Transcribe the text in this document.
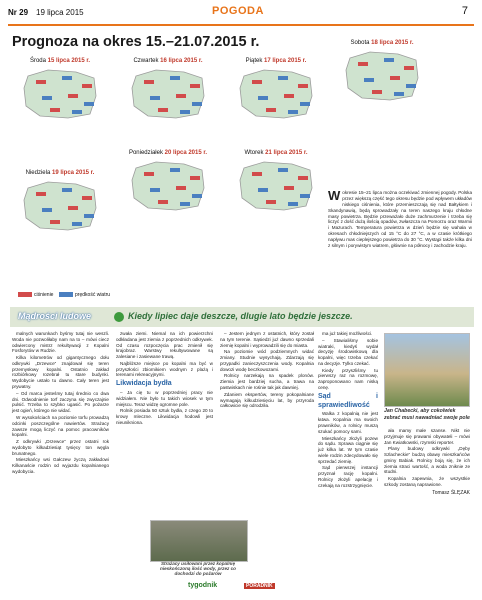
Nr 29 19 lipca 2015	POGODA	7
Prognoza na okres 15.–21.07.2015 r.
Środa 15 lipca 2015 r.	Czwartek 16 lipca 2015 r.	Piątek 17 lipca 2015 r.
Sobota 18 lipca 2015 r.
Niedziela 19 lipca 2015 r.
Poniedziałek 20 lipca 2015 r.	Wtorek 21 lipca 2015 r.
ciśnienie	prędkość wiatru
W okresie 15–21 lipca można oczekiwać zmiennej pogody. Polska przez większą część tego okresu będzie pod wpływem układów niskiego ciśnienia, które przemieszczają się nad Bałtykiem i Skandynawią, będą sprowadzały na teren naszego kraju chłodne masy powietrza. Będzie przeważało duże zachmurzenie i trzeba się liczyć z dość dużą ilością opadów, zwłaszcza na Pomorzu oraz Warmii i Mazurach. Temperatura powietrza w dzień będzie się wahała w okresach chłodniejszych od 15 °C do 27 °C, a w czasie krótkiego napływu mas cieplejszego powietrza do 30 °C. Wystąpi także kilka dni z silnym i porywistym wiatrem, głównie na północy i zachodzie kraju.
Mądrości ludowe	Kiedy lipiec daje deszcze, dlugie lato będzie jeszcze.

malnych warunkach byśmy tutaj nie weszli. Woda nie pozwoliłaby nam na to – mówi ciecz odwiercony mistrz rekultywacji z Kopalni Fosforytów w Rudzie.

Kilka kilometrów od gigantycznego dołu odkrywki „Drzewce” znajdował się teren przemysłowy kopalni. Ostatnio zakład rozbiórkowy rozebrał tu stare budynki. Wydobycie ustało tu dawno. Cały teren jest prywatny.

– Od marca jesteśmy tutaj średnio co dwa dni. Odwodnienie torf zaczyna się zwyczajnie pulsić. Trzeba to szybko ugasić. Po pożarze jest ogień, którego nie widać.

W wysokościach na poziomie torfu prowadzą odcinki poszczególne nawiertów. Strażacy zawsze mogą liczyć na pomoc pracowników kopalni.

Z odkrywki „Drzewce” przez ostatni rok wydobyto kilkadziesiąt tysięcy ton węgla brunatnego.

Mieszkańcy wsi Gałczew życzą zakładowi Kilkanaście rodzin od wyjazdu kopalnianego wydobycia.

zwała ziemi. Niemal na ich powierzchni odkładana jest ziemia z poprzednich odkrywek. Od czasu rozpoczęcia prac zmienił się krajobraz. Warstwy rekultywowane są zalesiane i zasiewane trawą.

Najbliższe miejsce po kopalni ma być w przyszłości zbiornikiem wodnym z plażą i terenami rekreacyjnymi.

Likwidacja bydła

– Ja cię tu w poprzedniej pracy nie widziałem. Nie było tu takich wiosek w tym miejscu. Teraz widzę ogromne pole.

Rolnik posiada 50 sztuk bydła, z czego 20 to krowy mleczne. Likwidacja hodowli jest nieunikniona.

– Jestem jednym z ostatnich, który został na tym terenie. Sąsiedzi już dawno sprzedali ziemię kopalni i wyprowadzili się do miasta.

Na poziomie wód podziemnych widać zmiany. Studnie wysychają. Zdarzają się przypadki zanieczyszczenia wody. Kopalnia dowozi wodę beczkowozami.

Rolnicy narzekają na spadek plonów. Ziemia jest bardziej sucha, a trawa na pastwiskach nie rośnie tak jak dawniej.

Zdaniem ekspertów, tereny pokopalniane wymagają kilkudziesięciu lat, by przyroda całkowicie się odrodziła.

ma już takiej możliwości.

– Stawialiśmy sobie wiatraki, kiedyś wydał decyzję środowiskową dla kopalni, więc trzeba czekać na decyzje. Tylko czekać.

Kiedy przyszliśmy tu pierwszy raz na rozmowę, zaproponowano nam niską cenę.

Sąd i sprawiedliwość

Walka z kopalnią nie jest łatwa. Kopalnia ma swoich prawników, a rolnicy muszą szukać pomocy sami.

Mieszkańcy złożyli pozew do sądu. Sprawa ciągnie się już kilka lat. W tym czasie wiele rodzin zdecydowało się sprzedać ziemię.

Sąd pierwszej instancji przyznał rację kopalni. Rolnicy złożyli apelację i czekają na rozstrzygnięcie.

Jan Chabecki, aby cokolwiek zebrać musi nawadniać swoje pole

ała mamy małe szanse. Nikt nie przyjmuje się prawami obywateli – mówi Jan Kwiatkowski, rzymski reporter.

Plany budowy odkrywki „Dęby Szlacheckie” budzą obawy mieszkańców gminy Babiak. Rolnicy boją się, że ich ziemia straci wartość, a woda zniknie ze studni.

Kopalnia zapewnia, że wszystkie szkody zostaną naprawione.

Tomasz ŚLĘZAK
Strażacy usiłowani przez kopalnię nieskończoną ilość wody, przez co dochodzi do pożarów
tygodnik	PORADNIK
